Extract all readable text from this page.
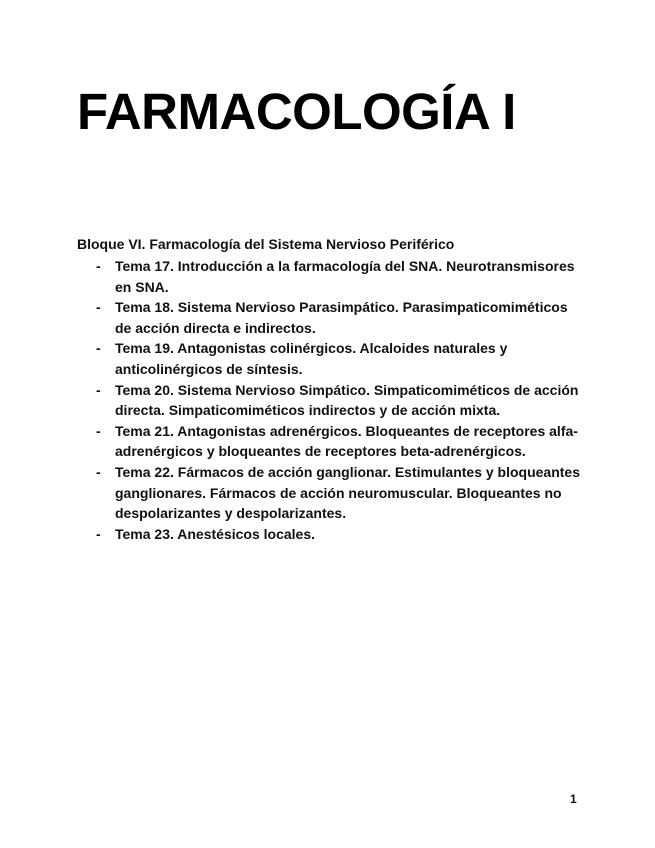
FARMACOLOGÍA I

Bloque VI. Farmacología del Sistema Nervioso Periférico

- Tema 17. Introducción a la farmacología del SNA. Neurotransmisores en SNA.
- Tema 18. Sistema Nervioso Parasimpático. Parasimpaticomiméticos de acción directa e indirectos.
- Tema 19. Antagonistas colinérgicos. Alcaloides naturales y anticolinérgicos de síntesis.
- Tema 20. Sistema Nervioso Simpático. Simpaticomiméticos de acción directa. Simpaticomiméticos indirectos y de acción mixta.
- Tema 21. Antagonistas adrenérgicos. Bloqueantes de receptores alfa-adrenérgicos y bloqueantes de receptores beta-adrenérgicos.
- Tema 22. Fármacos de acción ganglionar. Estimulantes y bloqueantes ganglionares. Fármacos de acción neuromuscular. Bloqueantes no despolarizantes y despolarizantes.
- Tema 23. Anestésicos locales.
1
